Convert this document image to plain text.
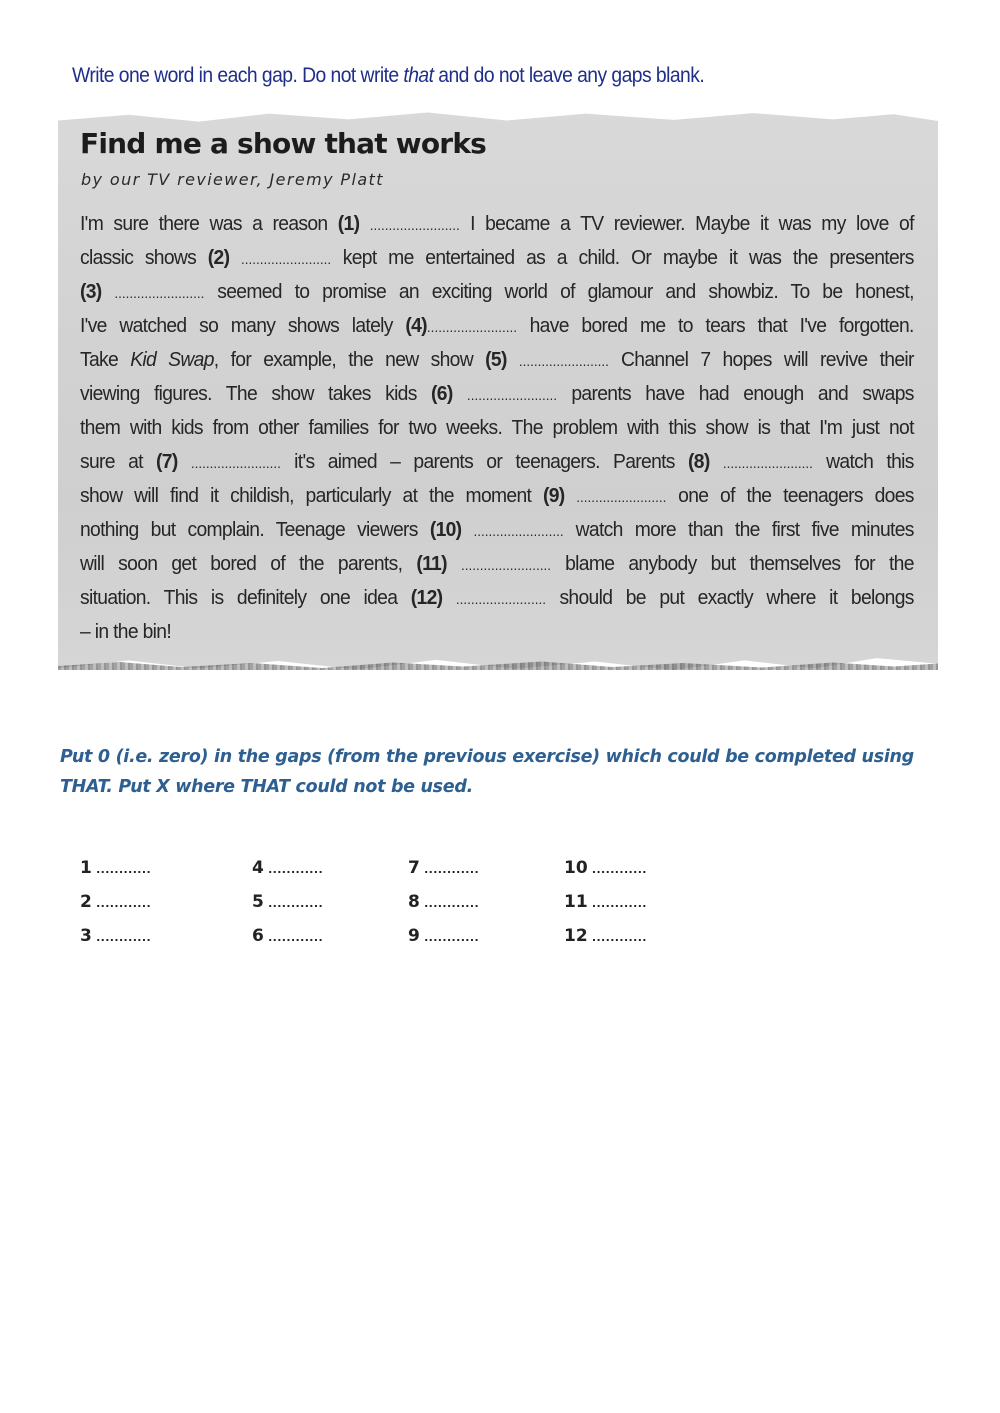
Write one word in each gap. Do not write that and do not leave any gaps blank.
Find me a show that works
by our TV reviewer, Jeremy Platt
I'm sure there was a reason (1) ........................ I became a TV reviewer. Maybe it was my love of
classic shows (2) ........................ kept me entertained as a child. Or maybe it was the presenters
(3) ........................ seemed to promise an exciting world of glamour and showbiz. To be honest,
I've watched so many shows lately (4)........................ have bored me to tears that I've forgotten.
Take Kid Swap, for example, the new show (5) ........................ Channel 7 hopes will revive their
viewing figures. The show takes kids (6) ........................ parents have had enough and swaps
them with kids from other families for two weeks. The problem with this show is that I'm just not
sure at (7) ........................ it's aimed – parents or teenagers. Parents (8) ........................ watch this
show will find it childish, particularly at the moment (9) ........................ one of the teenagers does
nothing but complain. Teenage viewers (10) ........................ watch more than the first five minutes
will soon get bored of the parents, (11) ........................ blame anybody but themselves for the
situation. This is definitely one idea (12) ........................ should be put exactly where it belongs
– in the bin!
Put 0 (i.e. zero) in the gaps (from the previous exercise) which could be completed using THAT. Put X where THAT could not be used.
1 ............
2 ............
3 ............
4 ............
5 ............
6 ............
7 ............
8 ............
9 ............
10 ............
11 ............
12 ............
